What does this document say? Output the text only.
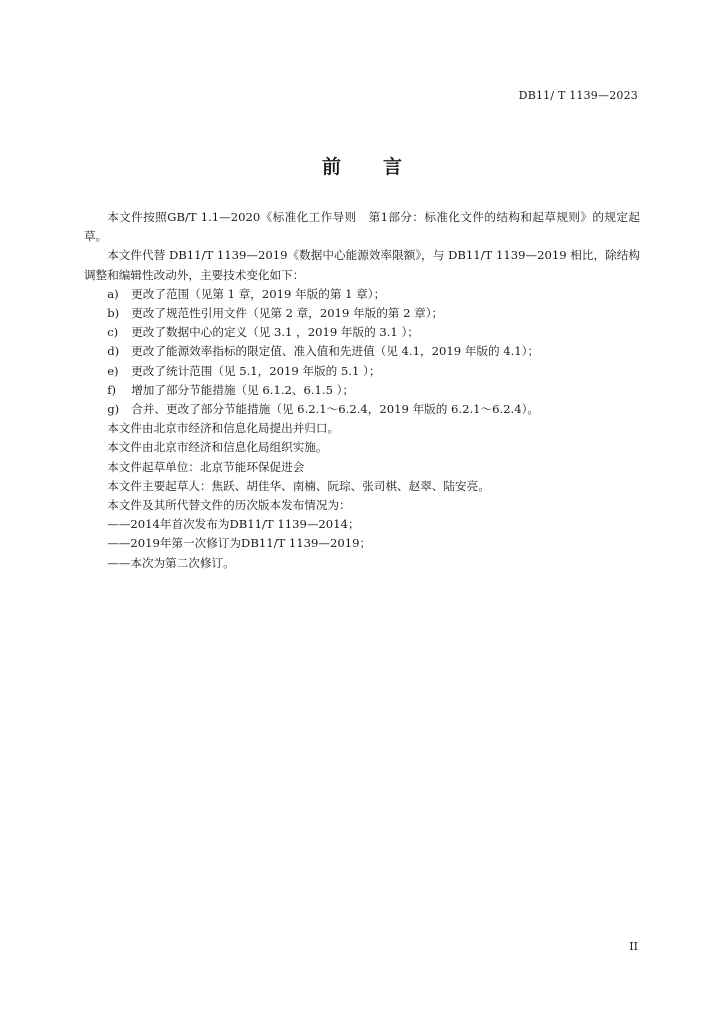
DB11/ T 1139—2023
前言

本文件按照GB/T 1.1—2020《标准化工作导则　第1部分：标准化文件的结构和起草规则》的规定起草。

本文件代替 DB11/T 1139—2019《数据中心能源效率限额》，与 DB11/T 1139—2019 相比，除结构调整和编辑性改动外，主要技术变化如下：

a)	更改了范围（见第 1 章，2019 年版的第 1 章）；
b)	更改了规范性引用文件（见第 2 章，2019 年版的第 2 章）；
c)	更改了数据中心的定义（见 3.1 ，2019 年版的 3.1 ）；
d)	更改了能源效率指标的限定值、准入值和先进值（见 4.1，2019 年版的 4.1）；
e)	更改了统计范围（见 5.1，2019 年版的 5.1 ）；
f)	增加了部分节能措施（见 6.1.2、6.1.5 ）；
g)	合并、更改了部分节能措施（见 6.2.1～6.2.4，2019 年版的 6.2.1～6.2.4）。

本文件由北京市经济和信息化局提出并归口。

本文件由北京市经济和信息化局组织实施。

本文件起草单位：北京节能环保促进会

本文件主要起草人：焦跃、胡佳华、南楠、阮琮、张司棋、赵翠、陆安亮。

本文件及其所代替文件的历次版本发布情况为：

——2014年首次发布为DB11/T 1139—2014；

——2019年第一次修订为DB11/T 1139—2019；

——本次为第二次修订。

II
